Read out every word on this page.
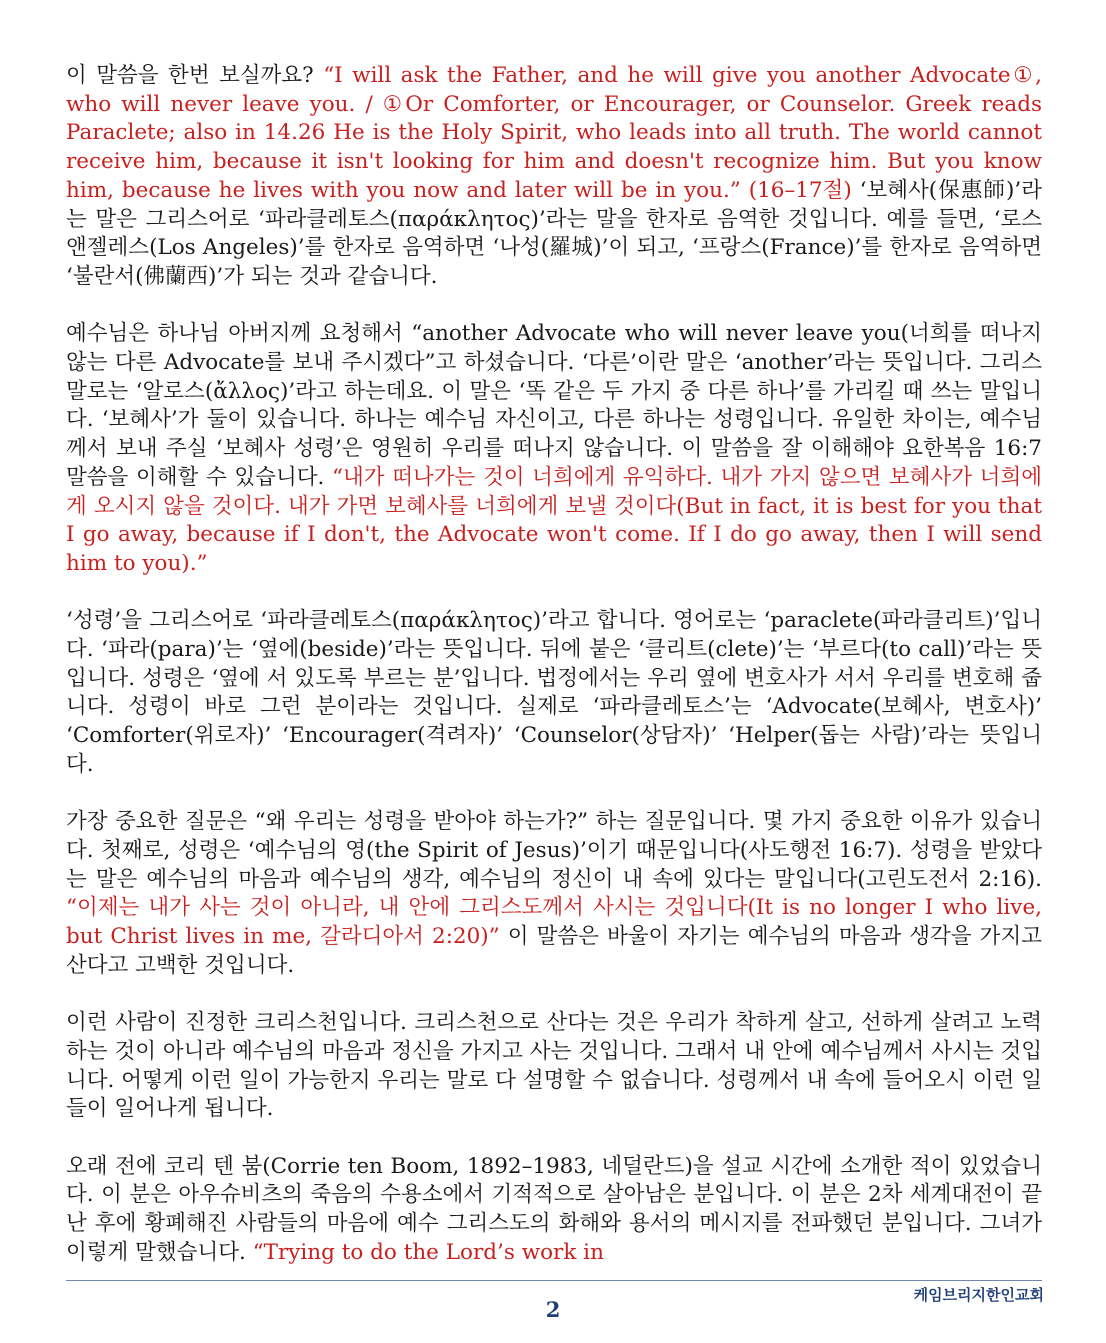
이 말씀을 한번 보실까요? “I will ask the Father, and he will give you another Advocate①, who will never leave you. / ①Or Comforter, or Encourager, or Counselor. Greek reads Paraclete; also in 14.26 He is the Holy Spirit, who leads into all truth. The world cannot receive him, because it isn't looking for him and doesn't recognize him. But you know him, because he lives with you now and later will be in you.” (16–17절) ‘보혜사(保惠師)’라는 말은 그리스어로 ‘파라클레토스(παράκλητος)’라는 말을 한자로 음역한 것입니다. 예를 들면, ‘로스앤젤레스(Los Angeles)’를 한자로 음역하면 ‘나성(羅城)’이 되고, ‘프랑스(France)’를 한자로 음역하면 ‘불란서(佛蘭西)’가 되는 것과 같습니다.

예수님은 하나님 아버지께 요청해서 “another Advocate who will never leave you(너희를 떠나지 않는 다른 Advocate를 보내 주시겠다”고 하셨습니다. ‘다른’이란 말은 ‘another’라는 뜻입니다. 그리스 말로는 ‘알로스(ἄλλος)’라고 하는데요. 이 말은 ‘똑 같은 두 가지 중 다른 하나’를 가리킬 때 쓰는 말입니다. ‘보혜사’가 둘이 있습니다. 하나는 예수님 자신이고, 다른 하나는 성령입니다. 유일한 차이는, 예수님께서 보내 주실 ‘보혜사 성령’은 영원히 우리를 떠나지 않습니다. 이 말씀을 잘 이해해야 요한복음 16:7 말씀을 이해할 수 있습니다. “내가 떠나가는 것이 너희에게 유익하다. 내가 가지 않으면 보혜사가 너희에게 오시지 않을 것이다. 내가 가면 보혜사를 너희에게 보낼 것이다(But in fact, it is best for you that I go away, because if I don't, the Advocate won't come. If I do go away, then I will send him to you).”

‘성령’을 그리스어로 ‘파라클레토스(παράκλητος)’라고 합니다. 영어로는 ‘paraclete(파라클리트)’입니다. ‘파라(para)’는 ‘옆에(beside)’라는 뜻입니다. 뒤에 붙은 ‘클리트(clete)’는 ‘부르다(to call)’라는 뜻입니다. 성령은 ‘옆에 서 있도록 부르는 분’입니다. 법정에서는 우리 옆에 변호사가 서서 우리를 변호해 줍니다. 성령이 바로 그런 분이라는 것입니다. 실제로 ‘파라클레토스’는 ‘Advocate(보혜사, 변호사)’ ‘Comforter(위로자)’ ‘Encourager(격려자)’ ‘Counselor(상담자)’ ‘Helper(돕는 사람)’라는 뜻입니다.

가장 중요한 질문은 “왜 우리는 성령을 받아야 하는가?” 하는 질문입니다. 몇 가지 중요한 이유가 있습니다. 첫째로, 성령은 ‘예수님의 영(the Spirit of Jesus)’이기 때문입니다(사도행전 16:7). 성령을 받았다는 말은 예수님의 마음과 예수님의 생각, 예수님의 정신이 내 속에 있다는 말입니다(고린도전서 2:16). “이제는 내가 사는 것이 아니라, 내 안에 그리스도께서 사시는 것입니다(It is no longer I who live, but Christ lives in me, 갈라디아서 2:20)” 이 말씀은 바울이 자기는 예수님의 마음과 생각을 가지고 산다고 고백한 것입니다.

이런 사람이 진정한 크리스천입니다. 크리스천으로 산다는 것은 우리가 착하게 살고, 선하게 살려고 노력하는 것이 아니라 예수님의 마음과 정신을 가지고 사는 것입니다. 그래서 내 안에 예수님께서 사시는 것입니다. 어떻게 이런 일이 가능한지 우리는 말로 다 설명할 수 없습니다. 성령께서 내 속에 들어오시 이런 일들이 일어나게 됩니다.

오래 전에 코리 텐 붐(Corrie ten Boom, 1892–1983, 네덜란드)을 설교 시간에 소개한 적이 있었습니다. 이 분은 아우슈비츠의 죽음의 수용소에서 기적적으로 살아남은 분입니다. 이 분은 2차 세계대전이 끝난 후에 황폐해진 사람들의 마음에 예수 그리스도의 화해와 용서의 메시지를 전파했던 분입니다. 그녀가 이렇게 말했습니다. “Trying to do the Lord’s work in

케임브리지한인교회
2
